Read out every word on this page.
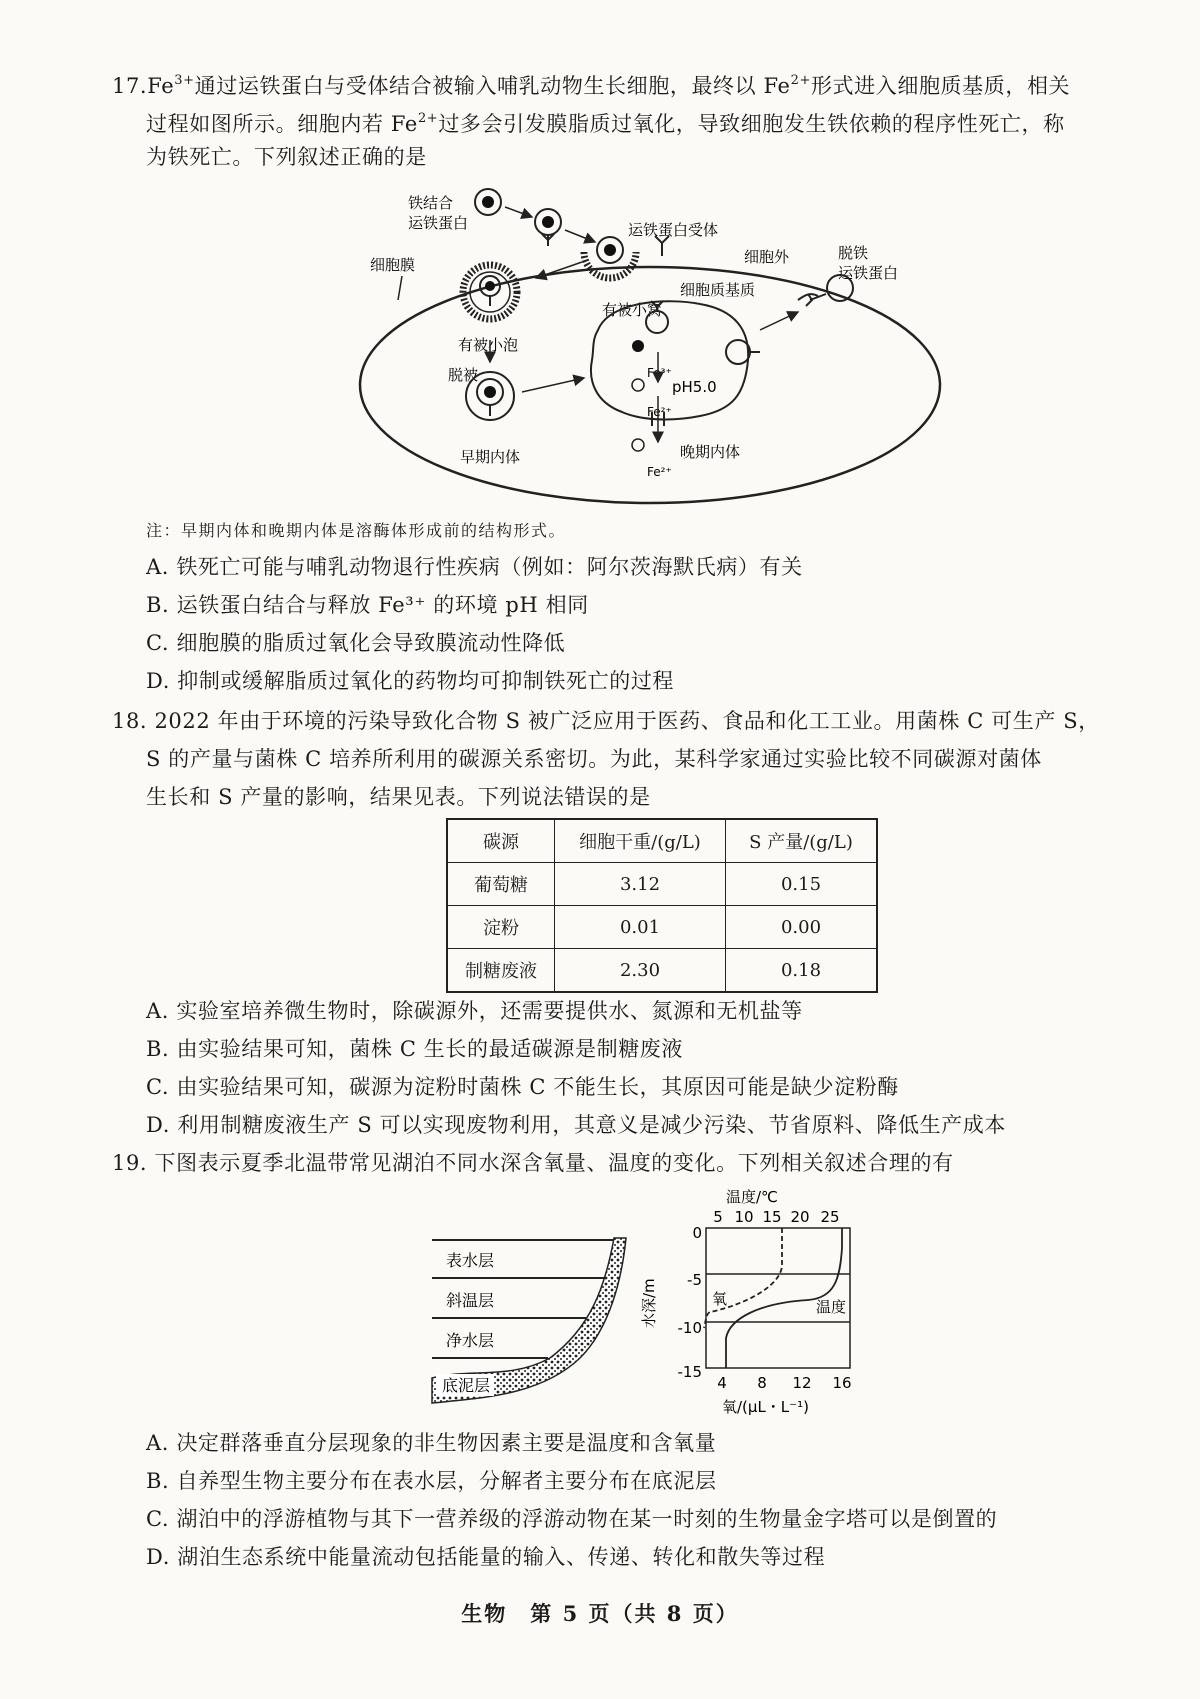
$17.Fe^{3+}$通过运铁蛋白与受体结合被输入哺乳动物生长细胞，最终以 $Fe^{2+}$形式进入细胞质基质，相关
过程如图所示。细胞内若 $Fe^{2+}$过多会引发膜脂质过氧化，导致细胞发生铁依赖的程序性死亡，称
为铁死亡。下列叙述正确的是
铁结合
运铁蛋白	运铁蛋白受体
细胞外	脱铁
运铁蛋白
细胞膜
细胞质基质
有被小窝
有被小泡
脱被
早期内体	晚期内体
pH5.0
Fe³⁺
Fe²⁺
Fe²⁺
注：早期内体和晚期内体是溶酶体形成前的结构形式。
A. 铁死亡可能与哺乳动物退行性疾病（例如：阿尔茨海默氏病）有关
B. 运铁蛋白结合与释放 Fe³⁺ 的环境 pH 相同
C. 细胞膜的脂质过氧化会导致膜流动性降低
D. 抑制或缓解脂质过氧化的药物均可抑制铁死亡的过程
18. 2022 年由于环境的污染导致化合物 S 被广泛应用于医药、食品和化工工业。用菌株 C 可生产 S，
S 的产量与菌株 C 培养所利用的碳源关系密切。为此，某科学家通过实验比较不同碳源对菌体
生长和 S 产量的影响，结果见表。下列说法错误的是
碳源	细胞干重/(g/L)	S 产量/(g/L)
葡萄糖	3.12	0.15
淀粉	0.01	0.00
制糖废液	2.30	0.18
A. 实验室培养微生物时，除碳源外，还需要提供水、氮源和无机盐等
B. 由实验结果可知，菌株 C 生长的最适碳源是制糖废液
C. 由实验结果可知，碳源为淀粉时菌株 C 不能生长，其原因可能是缺少淀粉酶
D. 利用制糖废液生产 S 可以实现废物利用，其意义是减少污染、节省原料、降低生产成本
19. 下图表示夏季北温带常见湖泊不同水深含氧量、温度的变化。下列相关叙述合理的有
表水层
斜温层
净水层
底泥层
温度/℃
5 10 15 20 25
0
-5
-10
-15
4 8 12 16
水深/m
氧/(μL・L⁻¹)
氧	温度
A. 决定群落垂直分层现象的非生物因素主要是温度和含氧量
B. 自养型生物主要分布在表水层，分解者主要分布在底泥层
C. 湖泊中的浮游植物与其下一营养级的浮游动物在某一时刻的生物量金字塔可以是倒置的
D. 湖泊生态系统中能量流动包括能量的输入、传递、转化和散失等过程
生物　第 5 页（共 8 页）
